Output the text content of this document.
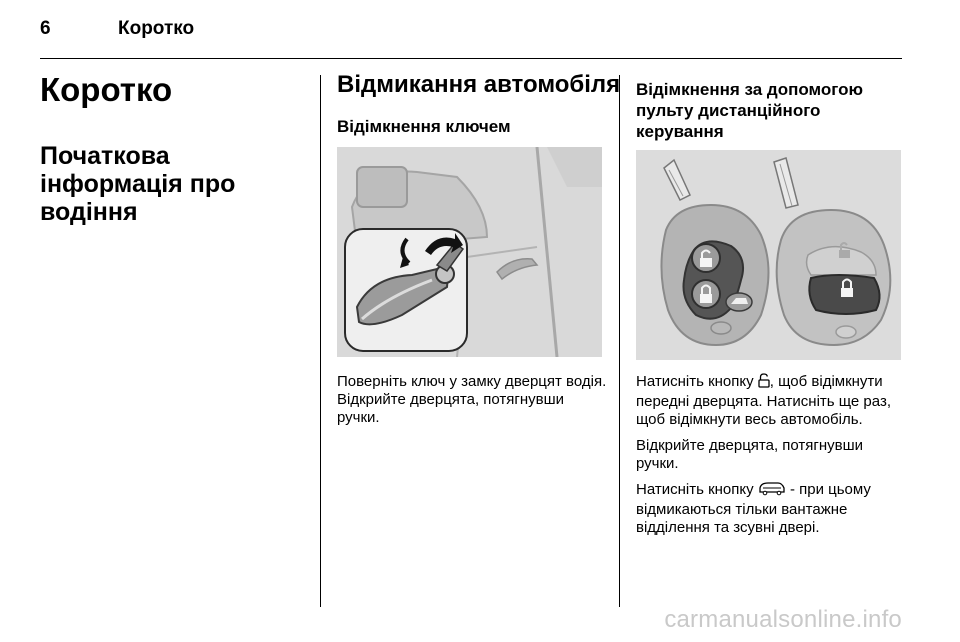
6	Коротко
Коротко
Початкова інформація про водіння
Відмикання автомобіля
Відімкнення ключем

Поверніть ключ у замку дверцят водія. Відкрийте дверцята, потягнувши ручки.

Відімкнення за допомогою пульту дистанційного керування

Натисніть кнопку , щоб відімкнути передні дверцята. Натисніть ще раз, щоб відімкнути весь автомобіль.

Відкрийте дверцята, потягнувши ручки.

Натисніть кнопку  - при цьому відмикаються тільки вантажне відділення та зсувні двері.

carmanualsonline.info
